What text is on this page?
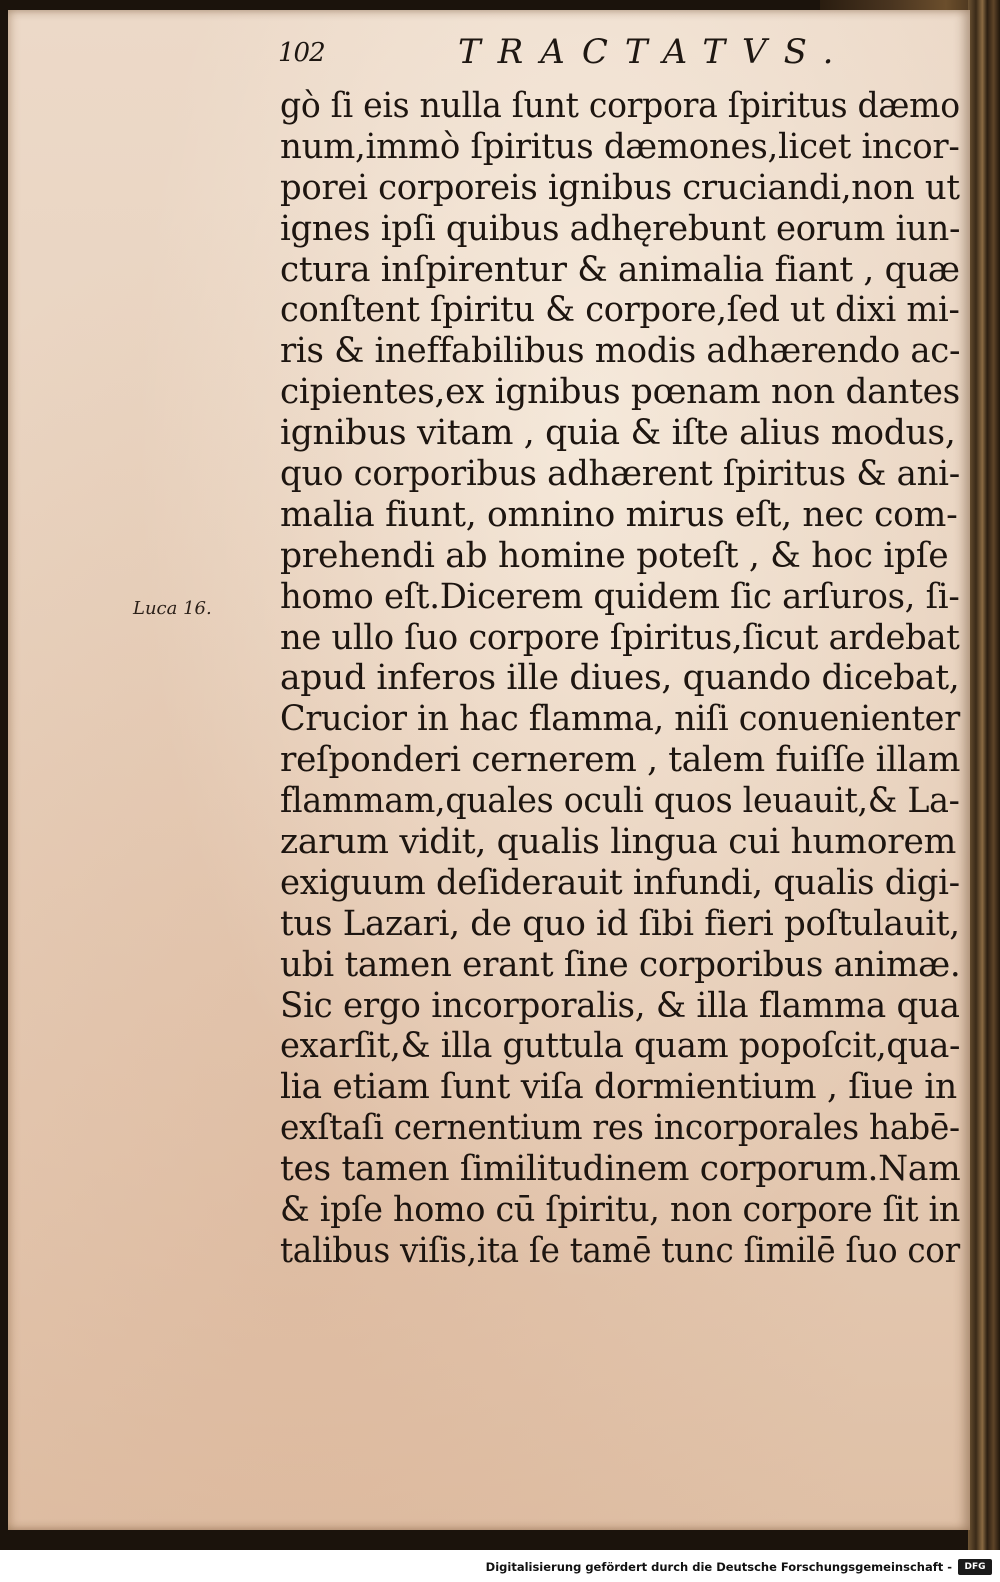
102	TRACTATVS.
Luca 16.
gò ſi eis nulla ſunt corpora ſpiritus dæmo
num,immò ſpiritus dæmones,licet incor-
porei corporeis ignibus cruciandi,non ut
ignes ipſi quibus adhęrebunt eorum iun-
ctura inſpirentur & animalia fiant , quæ
conſtent ſpiritu & corpore,ſed ut dixi mi-
ris & ineffabilibus modis adhærendo ac-
cipientes,ex ignibus pœnam non dantes
ignibus vitam , quia & iſte alius modus,
quo corporibus adhærent ſpiritus & ani-
malia fiunt, omnino mirus eſt, nec com-
prehendi ab homine poteſt , & hoc ipſe
homo eſt.Dicerem quidem ſic arſuros, ſi-
ne ullo ſuo corpore ſpiritus,ſicut ardebat
apud inferos ille diues, quando dicebat,
Crucior in hac flamma, niſi conuenienter
reſponderi cernerem , talem fuiſſe illam
flammam,quales oculi quos leuauit,& La-
zarum vidit, qualis lingua cui humorem
exiguum deſiderauit infundi, qualis digi-
tus Lazari, de quo id ſibi fieri poſtulauit,
ubi tamen erant ſine corporibus animæ.
Sic ergo incorporalis, & illa flamma qua
exarſit,& illa guttula quam popoſcit,qua-
lia etiam ſunt viſa dormientium , ſiue in
exſtaſi cernentium res incorporales habē-
tes tamen ſimilitudinem corporum.Nam
& ipſe homo cū ſpiritu, non corpore ſit in
talibus viſis,ita ſe tamē tunc ſimilē ſuo cor
Digitalisierung gefördert durch die Deutsche Forschungsgemeinschaft -	DFG
